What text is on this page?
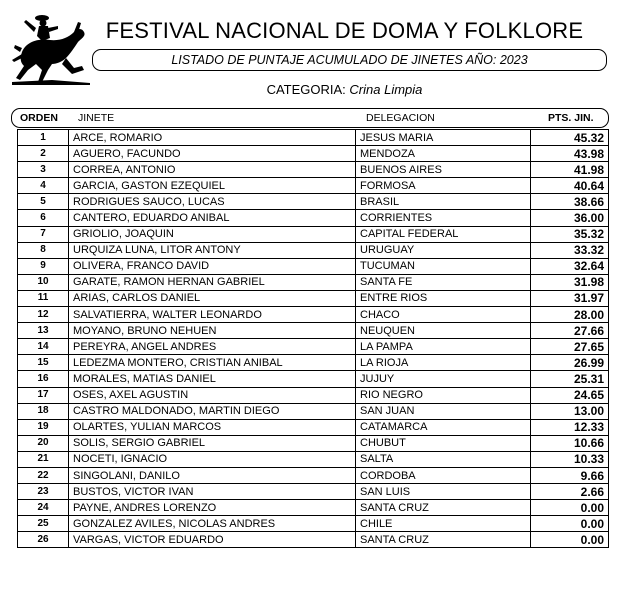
FESTIVAL NACIONAL DE DOMA Y FOLKLORE
LISTADO DE PUNTAJE ACUMULADO DE JINETES AÑO: 2023
CATEGORIA: Crina Limpia
ORDEN	JINETE	DELEGACION	PTS. JIN.
1	ARCE, ROMARIO	JESUS MARIA	45.32
2	AGUERO, FACUNDO	MENDOZA	43.98
3	CORREA, ANTONIO	BUENOS AIRES	41.98
4	GARCIA, GASTON EZEQUIEL	FORMOSA	40.64
5	RODRIGUES SAUCO, LUCAS	BRASIL	38.66
6	CANTERO, EDUARDO ANIBAL	CORRIENTES	36.00
7	GRIOLIO, JOAQUIN	CAPITAL FEDERAL	35.32
8	URQUIZA LUNA, LITOR ANTONY	URUGUAY	33.32
9	OLIVERA, FRANCO DAVID	TUCUMAN	32.64
10	GARATE, RAMON HERNAN GABRIEL	SANTA FE	31.98
11	ARIAS, CARLOS DANIEL	ENTRE RIOS	31.97
12	SALVATIERRA, WALTER LEONARDO	CHACO	28.00
13	MOYANO, BRUNO NEHUEN	NEUQUEN	27.66
14	PEREYRA, ANGEL ANDRES	LA PAMPA	27.65
15	LEDEZMA MONTERO, CRISTIAN ANIBAL	LA RIOJA	26.99
16	MORALES, MATIAS DANIEL	JUJUY	25.31
17	OSES, AXEL AGUSTIN	RIO NEGRO	24.65
18	CASTRO MALDONADO, MARTIN DIEGO	SAN JUAN	13.00
19	OLARTES, YULIAN MARCOS	CATAMARCA	12.33
20	SOLIS, SERGIO GABRIEL	CHUBUT	10.66
21	NOCETI, IGNACIO	SALTA	10.33
22	SINGOLANI, DANILO	CORDOBA	9.66
23	BUSTOS, VICTOR IVAN	SAN LUIS	2.66
24	PAYNE, ANDRES LORENZO	SANTA CRUZ	0.00
25	GONZALEZ AVILES, NICOLAS ANDRES	CHILE	0.00
26	VARGAS, VICTOR EDUARDO	SANTA CRUZ	0.00
